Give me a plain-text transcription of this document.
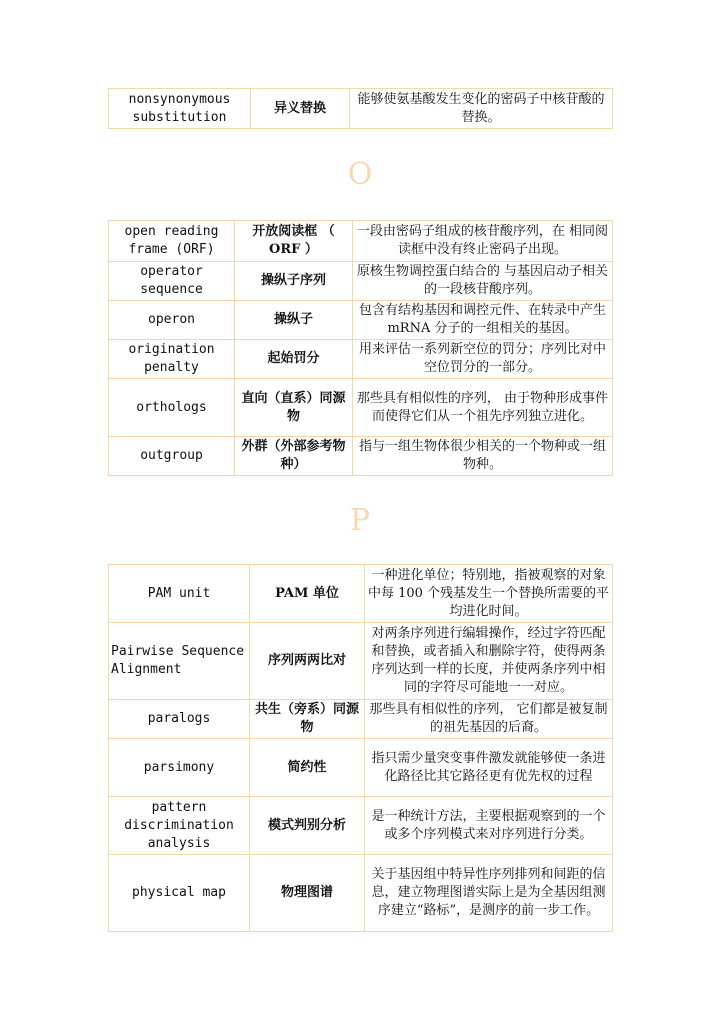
nonsynonymous substitution	异义替换	能够使氨基酸发生变化的密码子中核苷酸的替换。
O
open reading frame (ORF)	开放阅读框 （ ORF ）	一段由密码子组成的核苷酸序列，在 相同阅读框中没有终止密码子出现。
operator sequence	操纵子序列	原核生物调控蛋白结合的 与基因启动子相关的一段核苷酸序列。
operon	操纵子	包含有结构基因和调控元件、在转录中产生 mRNA 分子的一组相关的基因。
origination penalty	起始罚分	用来评估一系列新空位的罚分；序列比对中空位罚分的一部分。
orthologs	直向（直系）同源物	那些具有相似性的序列， 由于物种形成事件而使得它们从一个祖先序列独立进化。
outgroup	外群（外部参考物种）	指与一组生物体很少相关的一个物种或一组物种。
P
PAM unit	PAM 单位	一种进化单位；特别地，指被观察的对象中每 100 个残基发生一个替换所需要的平均进化时间。
Pairwise Sequence Alignment	序列两两比对	对两条序列进行编辑操作，经过字符匹配和替换，或者插入和删除字符，使得两条序列达到一样的长度，并使两条序列中相同的字符尽可能地一一对应。
paralogs	共生（旁系）同源物	那些具有相似性的序列， 它们都是被复制的祖先基因的后裔。
parsimony	简约性	指只需少量突变事件激发就能够使一条进化路径比其它路径更有优先权的过程
pattern discrimination analysis	模式判别分析	是一种统计方法，主要根据观察到的一个或多个序列模式来对序列进行分类。
physical map	物理图谱	关于基因组中特异性序列排列和间距的信息，建立物理图谱实际上是为全基因组测序建立“路标”，是测序的前一步工作。
